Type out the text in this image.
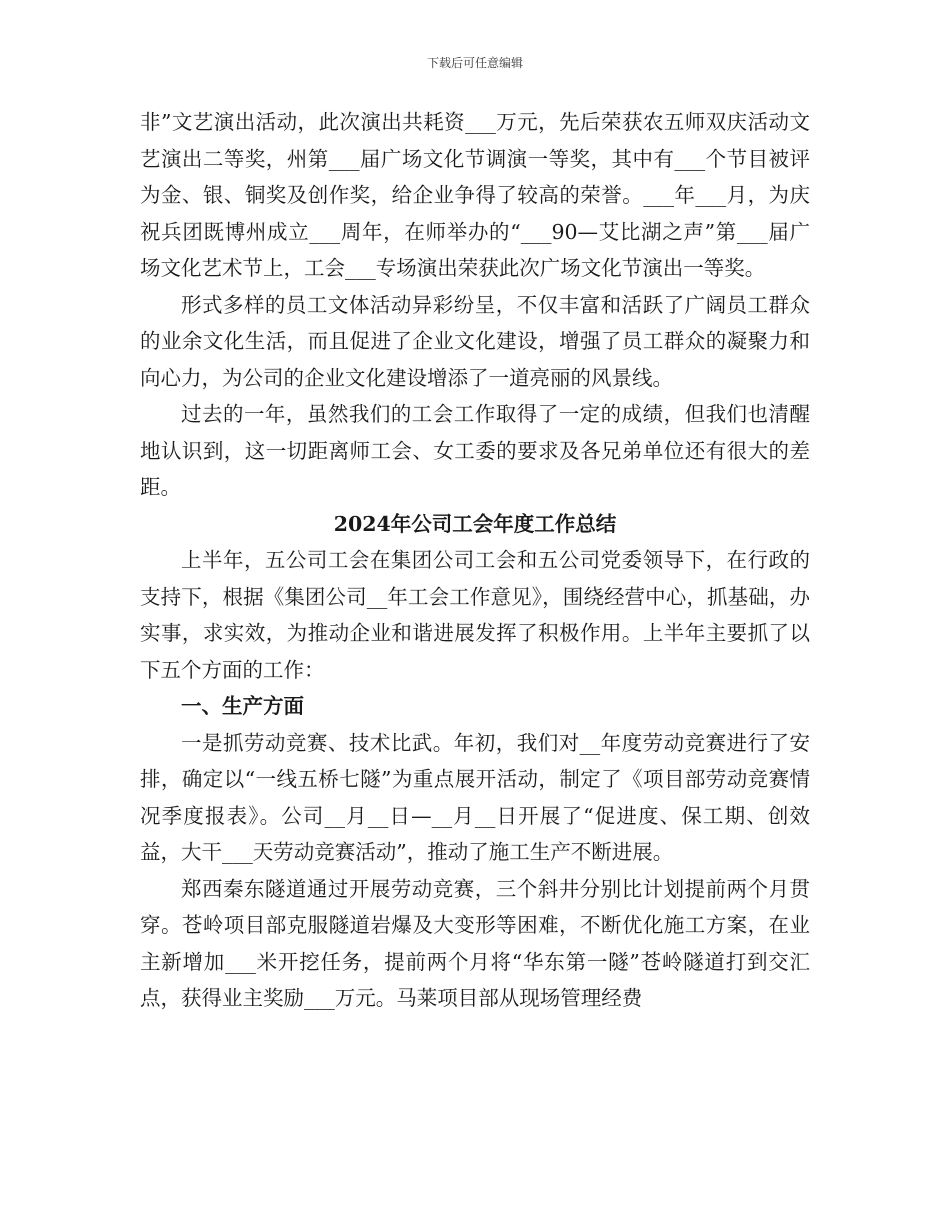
下载后可任意编辑

非”文艺演出活动，此次演出共耗资___万元，先后荣获农五师双庆活动文艺演出二等奖，州第___届广场文化节调演一等奖，其中有___个节目被评为金、银、铜奖及创作奖，给企业争得了较高的荣誉。___年___月，为庆祝兵团既博州成立___周年，在师举办的“___90—艾比湖之声”第___届广场文化艺术节上，工会___专场演出荣获此次广场文化节演出一等奖。

形式多样的员工文体活动异彩纷呈，不仅丰富和活跃了广阔员工群众的业余文化生活，而且促进了企业文化建设，增强了员工群众的凝聚力和向心力，为公司的企业文化建设增添了一道亮丽的风景线。

过去的一年，虽然我们的工会工作取得了一定的成绩，但我们也清醒地认识到，这一切距离师工会、女工委的要求及各兄弟单位还有很大的差距。

2024年公司工会年度工作总结

上半年，五公司工会在集团公司工会和五公司党委领导下，在行政的支持下，根据《集团公司__年工会工作意见》，围绕经营中心，抓基础，办实事，求实效，为推动企业和谐进展发挥了积极作用。上半年主要抓了以下五个方面的工作：

一、生产方面

一是抓劳动竞赛、技术比武。年初，我们对__年度劳动竞赛进行了安排，确定以“一线五桥七隧”为重点展开活动，制定了《项目部劳动竞赛情况季度报表》。公司__月__日—__月__日开展了“促进度、保工期、创效益，大干___天劳动竞赛活动”，推动了施工生产不断进展。

郑西秦东隧道通过开展劳动竞赛，三个斜井分别比计划提前两个月贯穿。苍岭项目部克服隧道岩爆及大变形等困难，不断优化施工方案，在业主新增加___米开挖任务，提前两个月将“华东第一隧”苍岭隧道打到交汇点，获得业主奖励___万元。马莱项目部从现场管理经费
